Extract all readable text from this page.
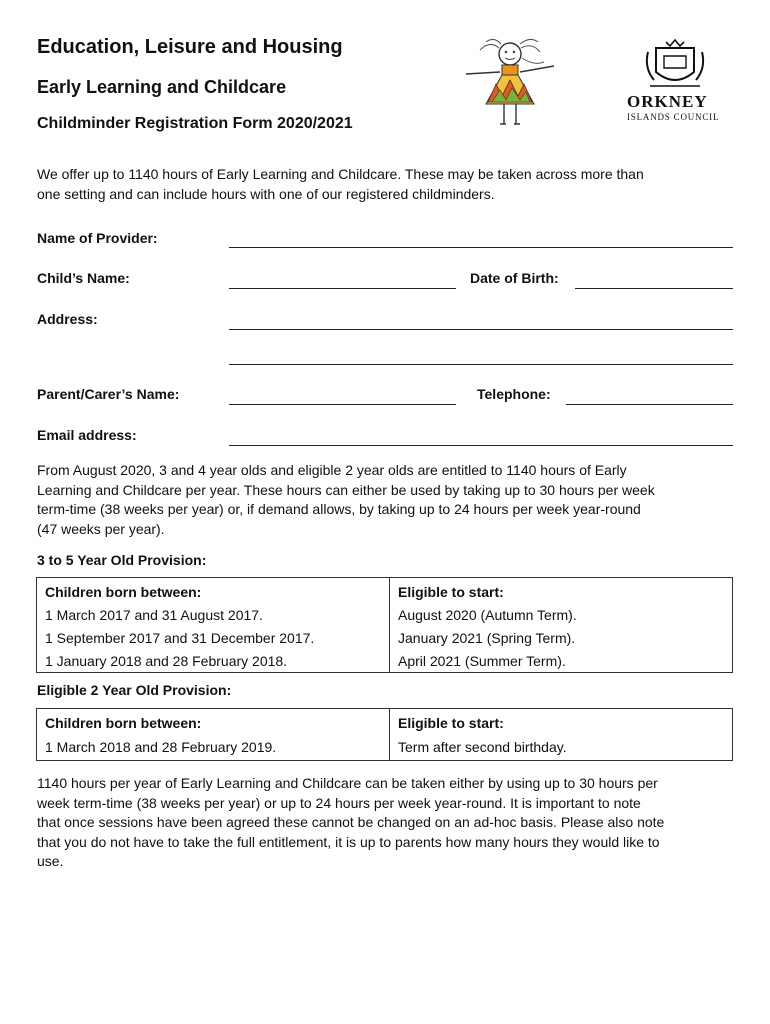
Education, Leisure and Housing
Early Learning and Childcare
Childminder Registration Form 2020/2021
ORKNEY
ISLANDS COUNCIL
We offer up to 1140 hours of Early Learning and Childcare. These may be taken across more than
one setting and can include hours with one of our registered childminders.
Name of Provider:
Child’s Name:	Date of Birth:
Address:
Parent/Carer’s Name:	Telephone:
Email address:
From August 2020, 3 and 4 year olds and eligible 2 year olds are entitled to 1140 hours of Early
Learning and Childcare per year. These hours can either be used by taking up to 30 hours per week
term-time (38 weeks per year) or, if demand allows, by taking up to 24 hours per week year-round
(47 weeks per year).
3 to 5 Year Old Provision:
Children born between:	Eligible to start:
1 March 2017 and 31 August 2017.	August 2020 (Autumn Term).
1 September 2017 and 31 December 2017.	January 2021 (Spring Term).
1 January 2018 and 28 February 2018.	April 2021 (Summer Term).
Eligible 2 Year Old Provision:
Children born between:	Eligible to start:
1 March 2018 and 28 February 2019.	Term after second birthday.
1140 hours per year of Early Learning and Childcare can be taken either by using up to 30 hours per
week term-time (38 weeks per year) or up to 24 hours per week year-round. It is important to note
that once sessions have been agreed these cannot be changed on an ad-hoc basis. Please also note
that you do not have to take the full entitlement, it is up to parents how many hours they would like to
use.
